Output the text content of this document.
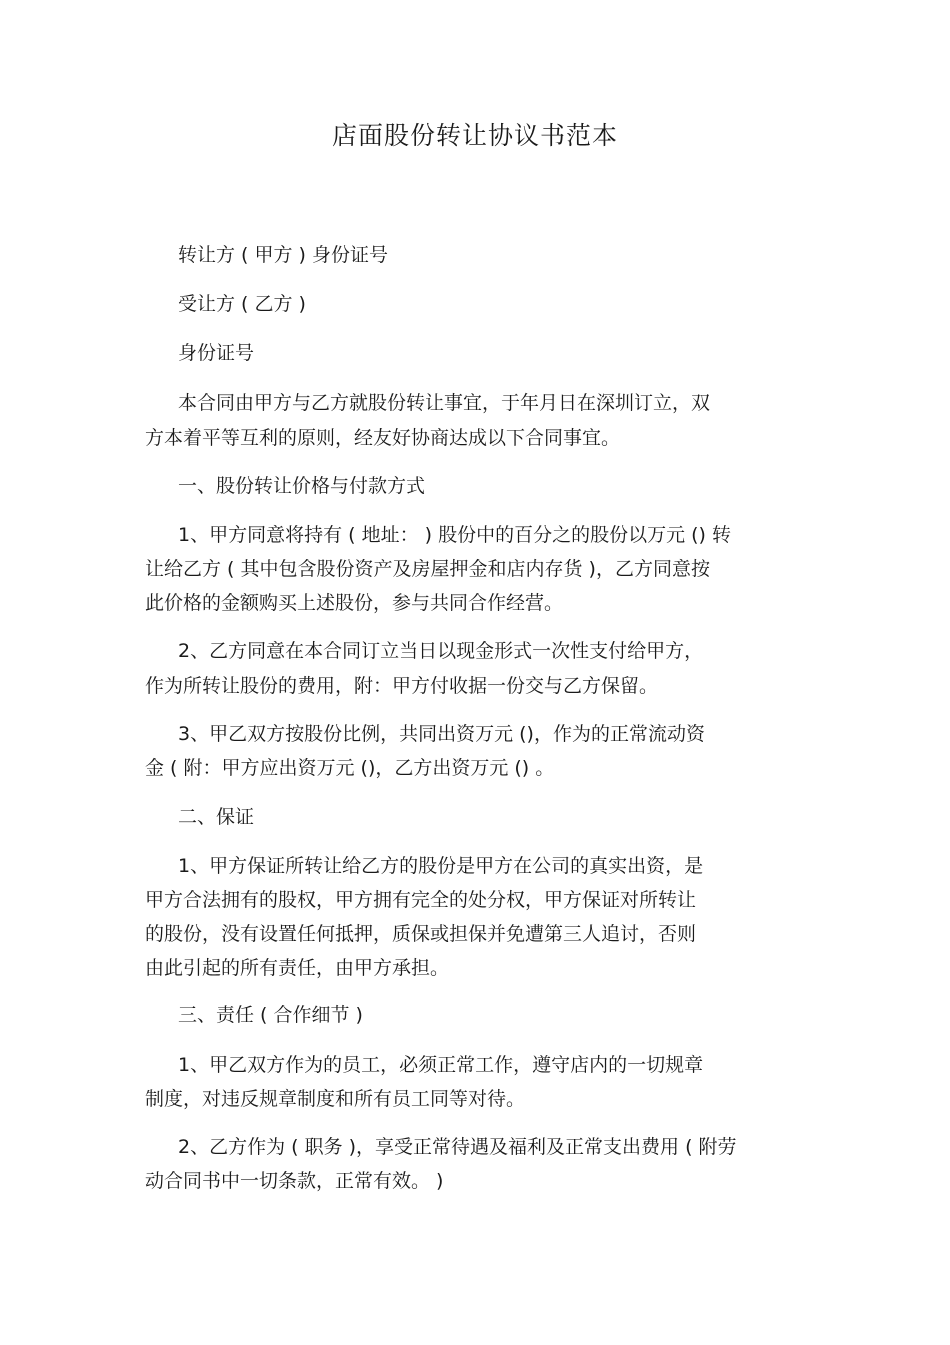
店面股份转让协议书范本

转让方 ( 甲方 ) 身份证号

受让方 ( 乙方 )

身份证号

本合同由甲方与乙方就股份转让事宜，于年月日在深圳订立，双

方本着平等互利的原则，经友好协商达成以下合同事宜。

一、股份转让价格与付款方式

1、甲方同意将持有 ( 地址： ) 股份中的百分之的股份以万元 () 转

让给乙方 ( 其中包含股份资产及房屋押金和店内存货 )，乙方同意按

此价格的金额购买上述股份，参与共同合作经营。

2、乙方同意在本合同订立当日以现金形式一次性支付给甲方，

作为所转让股份的费用，附：甲方付收据一份交与乙方保留。

3、甲乙双方按股份比例，共同出资万元 ()，作为的正常流动资

金 ( 附：甲方应出资万元 ()，乙方出资万元 () 。

二、保证

1、甲方保证所转让给乙方的股份是甲方在公司的真实出资，是

甲方合法拥有的股权，甲方拥有完全的处分权，甲方保证对所转让

的股份，没有设置任何抵押，质保或担保并免遭第三人追讨，否则

由此引起的所有责任，由甲方承担。

三、责任 ( 合作细节 )

1、甲乙双方作为的员工，必须正常工作，遵守店内的一切规章

制度，对违反规章制度和所有员工同等对待。

2、乙方作为 ( 职务 )，享受正常待遇及福利及正常支出费用 ( 附劳

动合同书中一切条款，正常有效。 )
